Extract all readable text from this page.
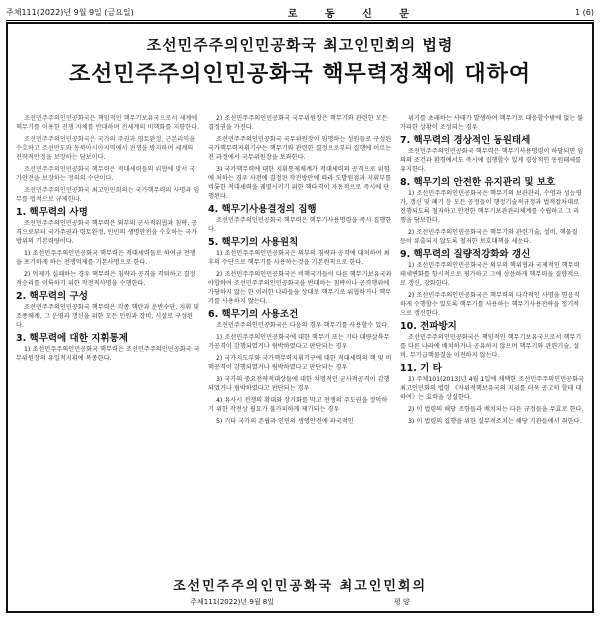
주체111(2022)년 9월 9일 (금요일)	로 동 신 문	1 (6)
조선민주주의인민공화국 최고인민회의 법령
조선민주주의인민공화국 핵무력정책에 대하여

조선민주주의인민공화국은 책임적인 핵무기보유국으로서 세계에 핵무기를 이용한 전쟁 자체를 반대하며 전세계의 비핵화를 지향한다.

조선민주주의인민공화국은 국가의 주권과 영토완정, 근본리익을 수호하고 조선반도와 동북아시아지역에서 전쟁을 방지하며 세계의 전략적안정을 보장하는 담보이다.

조선민주주의인민공화국 핵무력은 적대세력들의 위협에 맞서 국가안전을 보장하는 정의의 수단이다.

조선민주주의인민공화국 최고인민회의는 국가핵무력의 사명과 임무를 법적으로 규제한다.

1. 핵무력의 사명

조선민주주의인민공화국 핵무력은 외부의 군사적위협과 침략, 공격으로부터 국가주권과 령토완정, 인민의 생명안전을 수호하는 국가방위의 기본력량이다.

1) 조선민주주의인민공화국 핵무력은 적대세력들로 하여금 전쟁을 포기하게 하는 전쟁억제를 기본사명으로 한다.

2) 억제가 실패하는 경우 핵무력은 침략과 공격을 격퇴하고 결정적승리를 이룩하기 위한 작전적사명을 수행한다.

2. 핵무력의 구성

조선민주주의인민공화국 핵무력은 각종 핵탄과 운반수단, 지휘 및 조종체계, 그 운영과 갱신을 위한 모든 인원과 장비, 시설로 구성된다.

3. 핵무력에 대한 지휘통제

1) 조선민주주의인민공화국 핵무력은 조선민주주의인민공화국 국무위원장의 유일적지휘에 복종한다.

2) 조선민주주의인민공화국 국무위원장은 핵무기와 관련한 모든 결정권을 가진다.

조선민주주의인민공화국 국무위원장이 임명하는 성원들로 구성된 국가핵무력지휘기구는 핵무기와 관련한 결정으로부터 집행에 이르는 전 과정에서 국무위원장을 보좌한다.

3) 국가핵무력에 대한 지휘통제체계가 적대세력의 공격으로 위험에 처하는 경우 사전에 결정된 작전방안에 따라 도발원점과 지휘부를 비롯한 적대세력을 궤멸시키기 위한 핵타격이 자동적으로 즉시에 단행된다.

4. 핵무기사용결정의 집행

조선민주주의인민공화국 핵무력은 핵무기사용명령을 즉시 집행한다.

5. 핵무기의 사용원칙

1) 조선민주주의인민공화국은 외부의 침략과 공격에 대처하여 최후의 수단으로 핵무기를 사용하는것을 기본원칙으로 한다.

2) 조선민주주의인민공화국은 비핵국가들이 다른 핵무기보유국과 야합하여 조선민주주의인민공화국을 반대하는 침략이나 공격행위에 가담하지 않는 한 이러한 나라들을 상대로 핵무기로 위협하거나 핵무기를 사용하지 않는다.

6. 핵무기의 사용조건

조선민주주의인민공화국은 다음의 경우 핵무기를 사용할수 있다.

1) 조선민주주의인민공화국에 대한 핵무기 또는 기타 대량살륙무기공격이 감행되였거나 림박하였다고 판단되는 경우

2) 국가지도부와 국가핵무력지휘기구에 대한 적대세력의 핵 및 비핵공격이 감행되였거나 림박하였다고 판단되는 경우

3) 국가의 중요전략적대상들에 대한 치명적인 군사적공격이 감행되였거나 림박하였다고 판단되는 경우

4) 유사시 전쟁의 확대와 장기화를 막고 전쟁의 주도권을 장악하기 위한 작전상 필요가 불가피하게 제기되는 경우

5) 기타 국가의 존립과 인민의 생명안전에 파국적인

위기를 초래하는 사태가 발생하여 핵무기로 대응할수밖에 없는 불가피한 상황이 조성되는 경우

7. 핵무력의 경상적인 동원태세

조선민주주의인민공화국 핵무력은 핵무기사용명령이 하달되면 임의의 조건과 환경에서도 즉시에 집행할수 있게 경상적인 동원태세를 유지한다.

8. 핵무기의 안전한 유지관리 및 보호

1) 조선민주주의인민공화국은 핵무기의 보관관리, 수명과 성능평가, 갱신 및 폐기 등 모든 공정들이 행정기술적규정과 법적절차대로 진행되도록 철저하고 안전한 핵무기보관관리체계를 수립하고 그 리행을 담보한다.

2) 조선민주주의인민공화국은 핵무기와 관련기술, 설비, 핵물질 등이 류출되지 않도록 철저한 보호대책을 세운다.

9. 핵무력의 질량적강화와 갱신

1) 조선민주주의인민공화국은 외부의 핵위협과 국제적인 핵무력태세변화를 항시적으로 평가하고 그에 상응하게 핵무력을 질량적으로 갱신, 강화한다.

2) 조선민주주의인민공화국은 핵무력의 다각적인 사명을 믿음직하게 수행할수 있도록 핵무기를 사용하는 핵무기사용전략을 정기적으로 갱신한다.

10. 전파방지

조선민주주의인민공화국은 책임적인 핵무기보유국으로서 핵무기를 다른 나라에 배치하거나 공유하지 않으며 핵무기와 관련기술, 설비, 무기급핵물질을 이전하지 않는다.

11. 기 타

1) 주체101(2013)년 4월 1일에 채택한 조선민주주의인민공화국 최고인민회의 법령 《자위적핵보유국의 지위를 더욱 공고히 할데 대하여》는 효력을 상실한다.

2) 이 법령의 해당 조항들과 배치되는 다른 규정들을 무효로 한다.

3) 이 법령의 집행을 위한 실무적조치는 해당 기관들에서 취한다.

조선민주주의인민공화국 최고인민회의
주체111(2022)년 9월 8일	평 양
